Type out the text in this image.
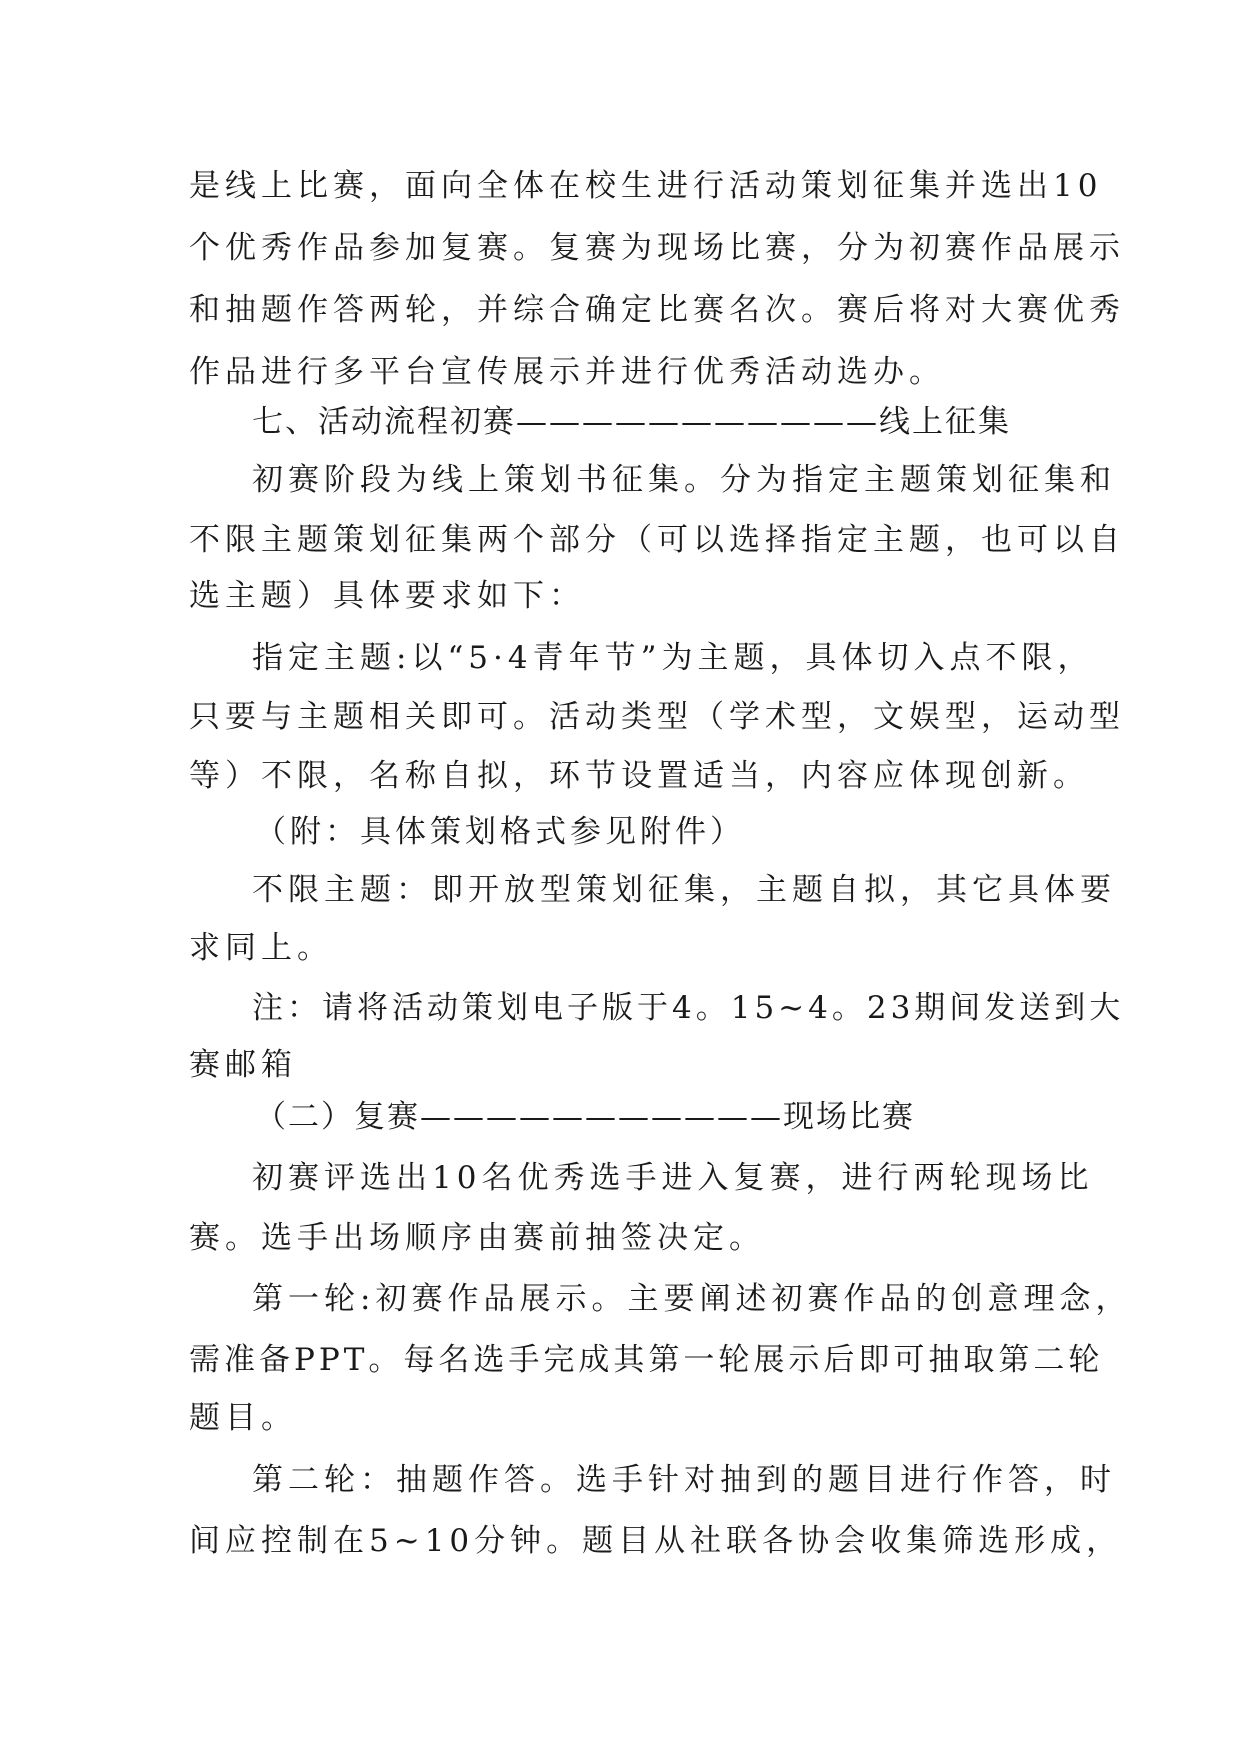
是线上比赛，面向全体在校生进行活动策划征集并选出10
个优秀作品参加复赛。复赛为现场比赛，分为初赛作品展示
和抽题作答两轮，并综合确定比赛名次。赛后将对大赛优秀
作品进行多平台宣传展示并进行优秀活动选办。
七、活动流程初赛———————————线上征集
初赛阶段为线上策划书征集。分为指定主题策划征集和
不限主题策划征集两个部分（可以选择指定主题，也可以自
选主题）具体要求如下：
指定主题:以“5·4青年节”为主题，具体切入点不限，
只要与主题相关即可。活动类型（学术型，文娱型，运动型
等）不限，名称自拟，环节设置适当，内容应体现创新。
（附：具体策划格式参见附件）
不限主题：即开放型策划征集，主题自拟，其它具体要
求同上。
注：请将活动策划电子版于4。15~4。23期间发送到大
赛邮箱
（二）复赛———————————现场比赛
初赛评选出10名优秀选手进入复赛，进行两轮现场比
赛。选手出场顺序由赛前抽签决定。
第一轮:初赛作品展示。主要阐述初赛作品的创意理念，
需准备PPT。每名选手完成其第一轮展示后即可抽取第二轮
题目。
第二轮：抽题作答。选手针对抽到的题目进行作答，时
间应控制在5~10分钟。题目从社联各协会收集筛选形成，
